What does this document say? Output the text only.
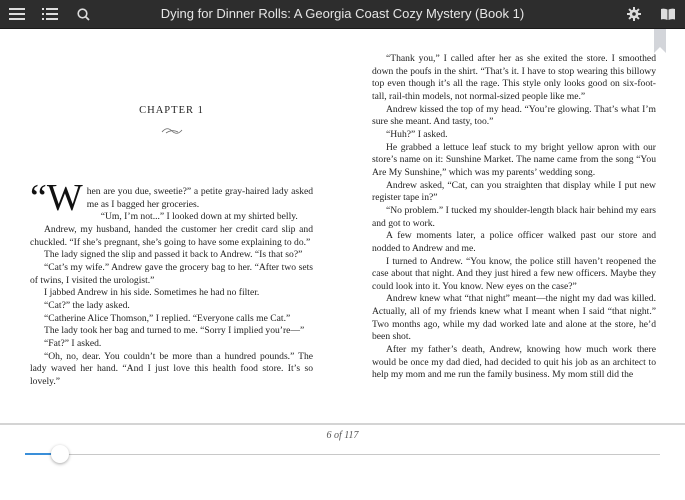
Dying for Dinner Rolls: A Georgia Coast Cozy Mystery (Book 1)
CHAPTER 1

“When are you due, sweetie?” a petite gray-haired lady asked me as I bagged her groceries.

“Um, I’m not...” I looked down at my shirted belly.

Andrew, my husband, handed the customer her credit card slip and chuckled. “If she’s pregnant, she’s going to have some explaining to do.”

The lady signed the slip and passed it back to Andrew. “Is that so?”

“Cat’s my wife.” Andrew gave the grocery bag to her. “After two sets of twins, I visited the urologist.”

I jabbed Andrew in his side. Sometimes he had no filter.

“Cat?” the lady asked.

“Catherine Alice Thomson,” I replied. “Everyone calls me Cat.”

The lady took her bag and turned to me. “Sorry I implied you’re—”

“Fat?” I asked.

“Oh, no, dear. You couldn’t be more than a hundred pounds.” The lady waved her hand. “And I just love this health food store. It’s so lovely.”

“Thank you,” I called after her as she exited the store. I smoothed down the poufs in the shirt. “That’s it. I have to stop wearing this billowy top even though it’s all the rage. This style only looks good on six-foot-tall, rail-thin models, not normal-sized people like me.”

Andrew kissed the top of my head. “You’re glowing. That’s what I’m sure she meant. And tasty, too.”

“Huh?” I asked.

He grabbed a lettuce leaf stuck to my bright yellow apron with our store’s name on it: Sunshine Market. The name came from the song “You Are My Sunshine,” which was my parents’ wedding song.

Andrew asked, “Cat, can you straighten that display while I put new register tape in?”

“No problem.” I tucked my shoulder-length black hair behind my ears and got to work.

A few moments later, a police officer walked past our store and nodded to Andrew and me.

I turned to Andrew. “You know, the police still haven’t reopened the case about that night. And they just hired a few new officers. Maybe they could look into it. You know. New eyes on the case?”

Andrew knew what “that night” meant—the night my dad was killed. Actually, all of my friends knew what I meant when I said “that night.” Two months ago, while my dad worked late and alone at the store, he’d been shot.

After my father’s death, Andrew, knowing how much work there would be once my dad died, had decided to quit his job as an architect to help my mom and me run the family business. My mom still did the

6 of 117
